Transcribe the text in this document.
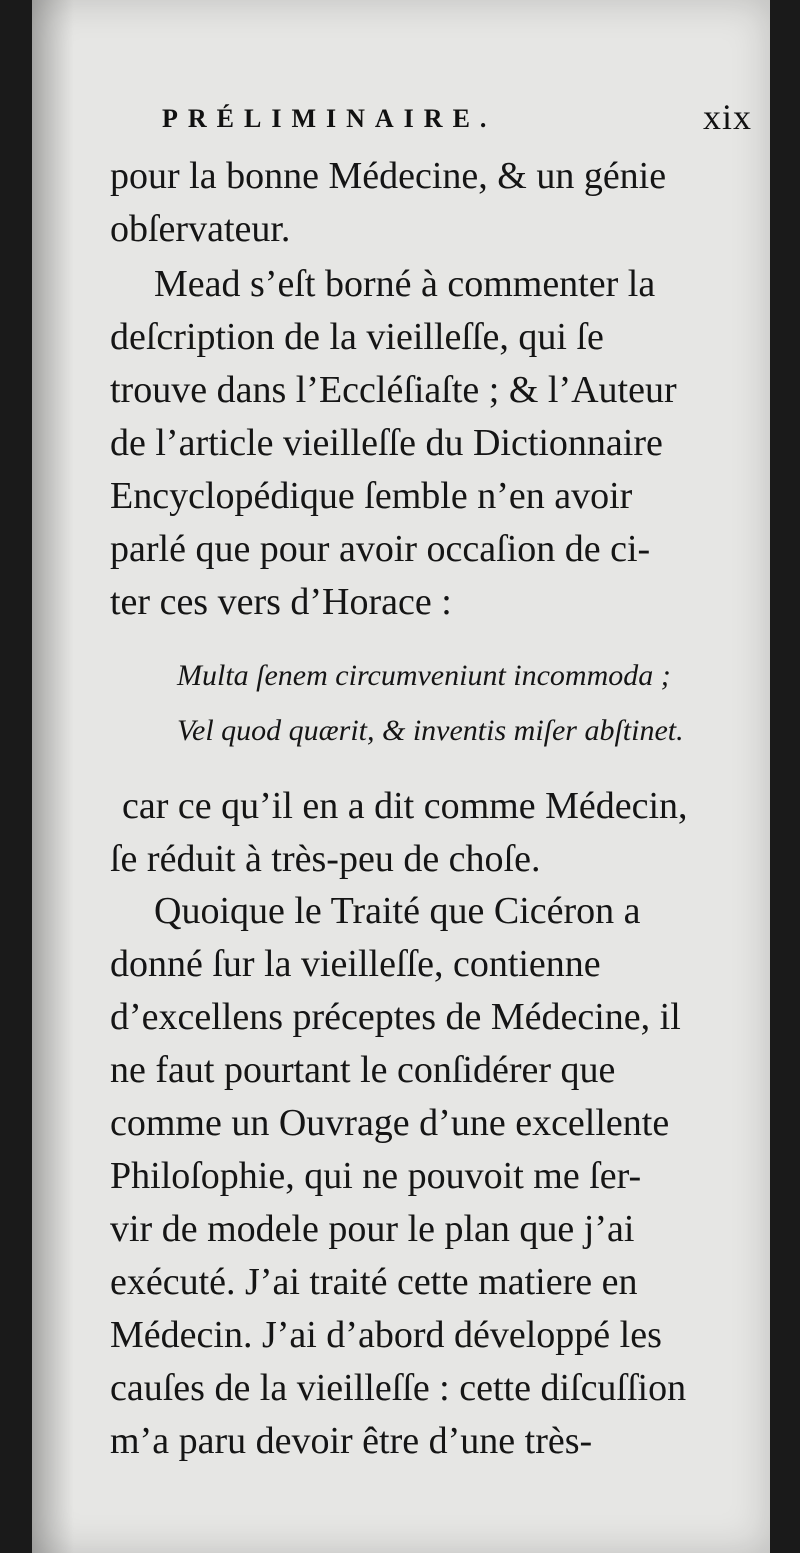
PRÉLIMINAIRE.	xix
pour la bonne Médecine, & un génie
obſervateur.
Mead s’eſt borné à commenter la
deſcription de la vieilleſſe, qui ſe
trouve dans l’Eccléſiaſte ; & l’Auteur
de l’article vieilleſſe du Dictionnaire
Encyclopédique ſemble n’en avoir
parlé que pour avoir occaſion de ci-
ter ces vers d’Horace :
Multa ſenem circumveniunt incommoda ;
Vel quod quærit, & inventis miſer abſtinet.
car ce qu’il en a dit comme Médecin,
ſe réduit à très-peu de choſe.
Quoique le Traité que Cicéron a
donné ſur la vieilleſſe, contienne
d’excellens préceptes de Médecine, il
ne faut pourtant le conſidérer que
comme un Ouvrage d’une excellente
Philoſophie, qui ne pouvoit me ſer-
vir de modele pour le plan que j’ai
exécuté. J’ai traité cette matiere en
Médecin. J’ai d’abord développé les
cauſes de la vieilleſſe : cette diſcuſſion
m’a paru devoir être d’une très-
